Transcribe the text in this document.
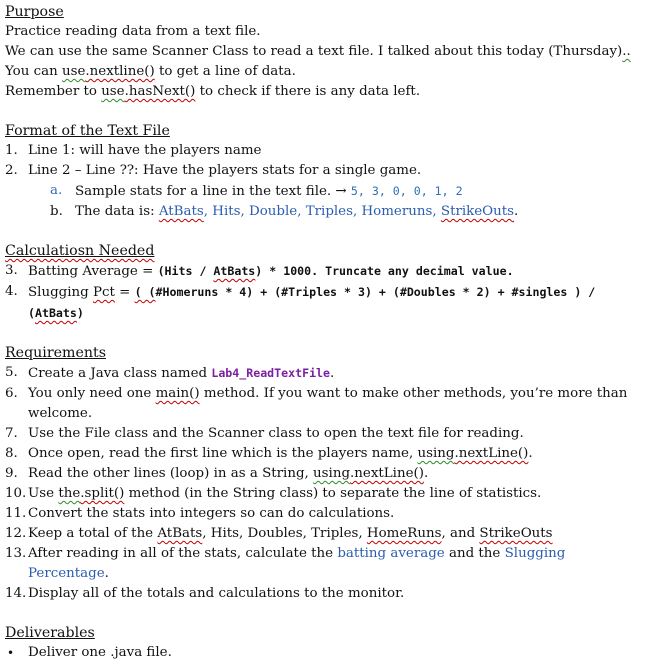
Purpose
Practice reading data from a text file.
We can use the same Scanner Class to read a text file. I talked about this today (Thursday)..
You can use.nextline() to get a line of data.
Remember to use.hasNext() to check if there is any data left.
Format of the Text File
1. Line 1: will have the players name
2. Line 2 – Line ??: Have the players stats for a single game.
a. Sample stats for a line in the text file. → 5, 3, 0, 0, 1, 2
b. The data is: AtBats, Hits, Double, Triples, Homeruns, StrikeOuts.
Calculatiosn Needed
3. Batting Average = (Hits / AtBats) * 1000. Truncate any decimal value.
4. Slugging Pct = ( (#Homeruns * 4) + (#Triples * 3) + (#Doubles * 2) + #singles ) /
(AtBats)
Requirements
5. Create a Java class named Lab4_ReadTextFile.
6. You only need one main() method. If you want to make other methods, you’re more than welcome.
7. Use the File class and the Scanner class to open the text file for reading.
8. Once open, read the first line which is the players name, using.nextLine().
9. Read the other lines (loop) in as a String, using.nextLine().
10. Use the.split() method (in the String class) to separate the line of statistics.
11. Convert the stats into integers so can do calculations.
12. Keep a total of the AtBats, Hits, Doubles, Triples, HomeRuns, and StrikeOuts
13. After reading in all of the stats, calculate the batting average and the Slugging Percentage.
14. Display all of the totals and calculations to the monitor.
Deliverables
• Deliver one .java file.
